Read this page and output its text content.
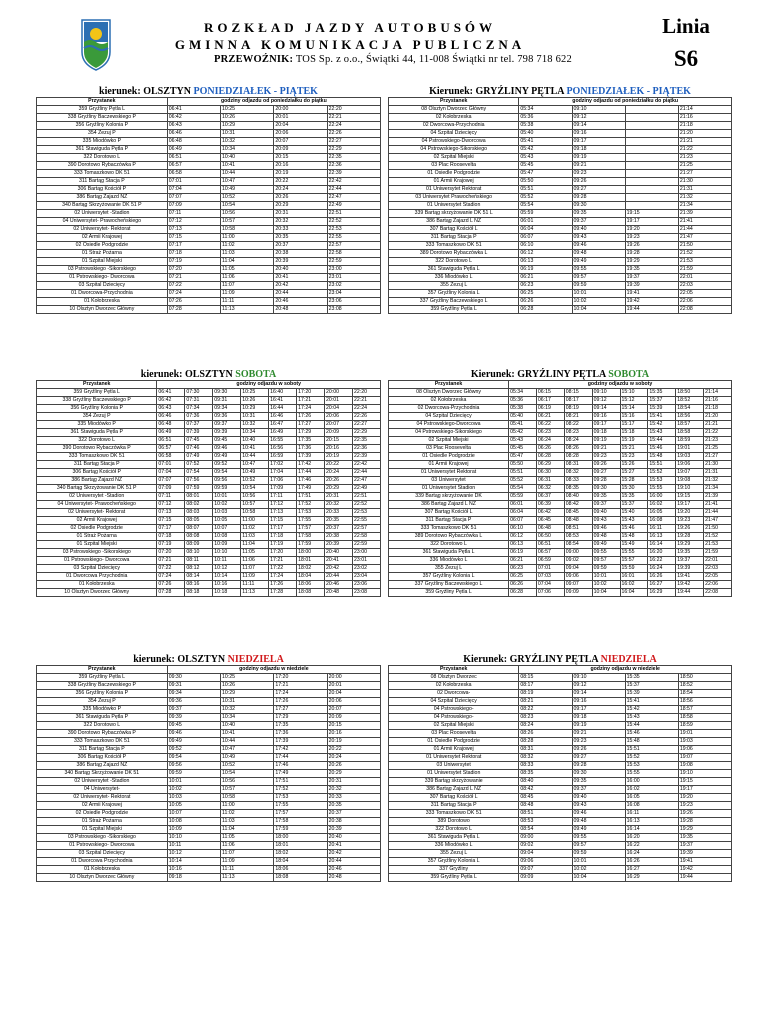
ROZKŁAD JAZDY AUTOBUSÓW
GMINNA KOMUNIKACJA PUBLICZNA
PRZEWOŹNIK: TOS Sp. z o.o., Świątki 44, 11-008 Świątki nr tel. 798 718 622
Linia
S6
kierunek: OLSZTYN PONIEDZIAŁEK - PIĄTEK
Przystanek	godziny odjazdu od poniedziałku do piątku			
359 Gryźliny Pętla L	06:41	10:25	20:00	22:20
338 Gryźliny Baczewskiego P	06:42	10:26	20:01	22:21
356 Gryźliny Kolonia P	06:43	10:29	20:04	22:24
354 Zezuj P	06:46	10:31	20:06	22:26
335 Miodówko P	06:48	10:32	20:07	22:27
361 Stawiguda Pętla P	06:49	10:34	20:09	22:29
322 Dorotowo L	06:51	10:40	20:15	22:35
390 Dorotowo Rybaczówka P	06:57	10:41	20:16	22:36
333 Tomaszkowo DK 51	06:58	10:44	20:19	22:39
311 Bartąg Stacja P	07:01	10:47	20:22	22:42
306 Bartąg Kościół P	07:04	10:49	20:24	22:44
386 Bartąg Zajazd NŻ	07:07	10:52	20:26	22:47
340 Bartąg Skrzyżowanie DK 51 P	07:09	10:54	20:29	22:49
02 Uniwersytet -Stadion	07:11	10:56	20:31	22:51
04 Uniwersytet- Prawocheńskiego	07:12	10:57	20:32	22:52
02 Uniwersytet- Rektorat	07:13	10:58	20:33	22:53
02 Armii Krajowej	07:15	11:00	20:35	22:55
02 Osiedle Podgrodzie	07:17	11:02	20:37	22:57
01 Straż Pożarna	07:18	11:03	20:38	22:58
01 Szpital Miejski	07:19	11:04	20:39	22:59
03 Pstrowskiego -Sikorskiego	07:20	11:05	20:40	23:00
01 Pstrowskiego- Dworcowa	07:21	11:06	20:41	23:01
03 Szpital Dziecięcy	07:22	11:07	20:42	23:02
01 Dworcowa-Przychodnia	07:24	11:09	20:44	23:04
01 Kołobrzeska	07:26	11:11	20:46	23:06
10 Olsztyn Dworzec Główny	07:28	11:13	20:48	23:08
Kierunek: GRYŹLINY PĘTLA PONIEDZIAŁEK - PIĄTEK
Przystanek	godziny odjazdu od poniedziałku do piątku			
08 Olsztyn Dworzec Główny	05:34	09:10		21:14
02 Kołobrzeska	05:36	09:12		21:16
02 Dworcowa-Przychodnia	05:38	09:14		21:18
04 Szpital Dziecięcy	05:40	09:16		21:20
04 Pstrowskiego-Dworcowa	05:41	09:17		21:21
04 Pstrowskiego-Sikorskiego	05:42	09:18		21:22
02 Szpital Miejski	05:43	09:19		21:23
03 Plac Roosevelta	05:45	09:21		21:25
01 Osiedle Podgrodzie	05:47	09:23		21:27
01 Armii Krajowej	05:50	09:26		21:30
01 Uniwersytet Rektorat	05:51	09:27		21:31
03 Uniwersytet Prawocheńskiego	05:52	09:28		21:32
01 Uniwersytet Stadion	05:54	09:30		21:34
339 Bartąg skrzyżowanie DK 51 L	05:59	09:35	19:15	21:39
386 Bartąg Zajazd L NŻ	06:01	09:37	19:17	21:41
307 Bartąg Kościół L	06:04	09:40	19:20	21:44
311 Bartąg Stacja P	06:07	09:43	19:23	21:47
333 Tomaszkowo DK 51	06:10	09:46	19:26	21:50
389 Dorotowo Rybaczówka L	06:12	09:48	19:28	21:52
322 Dorotowo L	06:13	09:49	19:29	21:53
361 Stawiguda Pętla L	06:19	09:55	19:35	21:59
336 Miodówko L	06:21	09:57	19:37	22:01
355 Zezuj L	06:23	09:59	19:39	22:03
357 Gryźliny Kolonia L	06:25	10:01	19:41	22:05
337 Gryźliny Baczewskiego L	06:26	10:02	19:42	22:06
359 Gryźliny Pętla L	06:28	10:04	19:44	22:08
kierunek: OLSZTYN SOBOTA
Przystanek	godziny odjazdu w soboty							
359 Gryźliny Pętla L	06:41	07:30	09:30	10:25	16:40	17:20	20:00	22:20
338 Gryźliny Baczewskiego P	06:42	07:31	09:31	10:26	16:41	17:21	20:01	22:21
356 Gryźliny Kolonia P	06:43	07:34	09:34	10:29	16:44	17:24	20:04	22:24
354 Zezuj P	06:46	07:36	09:36	10:31	16:46	17:26	20:06	22:26
335 Miodówko P	06:48	07:37	09:37	10:32	16:47	17:27	20:07	22:27
361 Stawiguda Pętla P	06:49	07:39	09:39	10:34	16:49	17:29	20:09	22:29
322 Dorotowo L	06:51	07:45	09:45	10:40	16:55	17:35	20:15	22:35
390 Dorotowo Rybaczówka P	06:57	07:46	09:46	10:41	16:56	17:36	20:16	22:36
333 Tomaszkowo DK 51	06:58	07:49	09:49	10:44	16:59	17:39	20:19	22:39
311 Bartąg Stacja P	07:01	07:52	09:52	10:47	17:02	17:42	20:22	22:42
306 Bartąg Kościół P	07:04	07:54	09:54	10:49	17:04	17:44	20:24	22:44
386 Bartąg Zajazd NŻ	07:07	07:56	09:56	10:52	17:06	17:46	20:26	22:47
340 Bartąg Skrzyżowanie DK 51 P	07:09	07:59	09:59	10:54	17:09	17:49	20:29	22:49
02 Uniwersytet -Stadion	07:11	08:01	10:01	10:56	17:11	17:51	20:31	22:51
04 Uniwersytet- Prawocheńskiego	07:12	08:02	10:02	10:57	17:12	17:52	20:32	22:52
02 Uniwersytet- Rektorat	07:13	08:03	10:03	10:58	17:13	17:53	20:33	22:53
02 Armii Krajowej	07:15	08:05	10:05	11:00	17:15	17:55	20:35	22:55
02 Osiedle Podgrodzie	07:17	08:07	10:07	11:02	17:17	17:57	20:37	22:57
01 Straż Pożarna	07:18	08:08	10:08	11:03	17:18	17:58	20:38	22:58
01 Szpital Miejski	07:19	08:09	10:09	11:04	17:19	17:59	20:39	22:59
03 Pstrowskiego -Sikorskiego	07:20	08:10	10:10	11:05	17:20	18:00	20:40	23:00
01 Pstrowskiego- Dworcowa	07:21	08:11	10:11	11:06	17:21	18:01	20:41	23:01
03 Szpital Dziecięcy	07:22	08:12	10:12	11:07	17:22	18:02	20:42	23:02
01 Dworcowa Przychodnia	07:24	08:14	10:14	11:09	17:24	18:04	20:44	23:04
01 Kołobrzeska	07:26	08:16	10:16	11:11	17:26	18:06	20:46	23:06
10 Olsztyn Dworzec Główny	07:28	08:18	10:18	11:13	17:28	18:08	20:48	23:08
Kierunek: GRYŹLINY PĘTLA SOBOTA
Przystanek	godziny odjazdu w soboty							
08 Olsztyn Dworzec Główny	05:34	06:15	08:15	09:10	15:10	15:35	18:50	21:14
02 Kołobrzeska	05:36	06:17	08:17	09:12	15:12	15:37	18:52	21:16
02 Dworcowa-Przychodnia	05:38	06:19	08:19	09:14	15:14	15:39	18:54	21:18
04 Szpital Dziecięcy	05:40	06:21	08:21	09:16	15:16	15:41	18:56	21:20
04 Pstrowskiego-Dworcowa	05:41	06:22	08:22	09:17	15:17	15:42	18:57	21:21
04 Pstrowskiego-Sikorskiego	05:42	06:23	08:23	09:18	15:18	15:43	18:58	21:22
02 Szpital Miejski	05:43	06:24	08:24	09:19	15:19	15:44	18:59	21:23
03 Plac Roosevelta	05:45	06:26	08:26	09:21	15:21	15:46	19:01	21:25
01 Osiedle Podgrodzie	05:47	06:28	08:28	09:23	15:23	15:48	19:03	21:27
01 Armii Krajowej	05:50	06:29	08:31	09:26	15:26	15:51	19:06	21:30
01 Uniwersytet Rektorat	05:51	06:30	08:32	09:27	15:27	15:52	19:07	21:31
03 Uniwersytet	05:52	06:31	08:33	09:28	15:28	15:53	19:08	21:32
01 Uniwersytet Stadion	05:54	06:32	08:35	09:30	15:30	15:55	19:10	21:34
339 Bartąg skrzyżowanie DK	05:59	06:37	08:40	09:35	15:35	16:00	19:15	21:39
386 Bartąg Zajazd L NŻ	06:01	06:39	08:42	09:37	15:37	16:02	19:17	21:41
307 Bartąg Kościół L	06:04	06:42	08:45	09:40	15:40	16:05	19:20	21:44
311 Bartąg Stacja P	06:07	06:45	08:48	09:43	15:43	16:08	19:23	21:47
333 Tomaszkowo DK 51	06:10	06:48	08:51	09:46	15:46	16:11	19:26	21:50
389 Dorotowo Rybaczówka L	06:12	06:50	08:53	09:48	15:48	16:13	19:28	21:52
322 Dorotowo L	06:13	06:51	08:54	09:49	15:49	16:14	19:29	21:53
361 Stawiguda Pętla L	06:19	06:57	09:00	09:55	15:55	16:20	19:35	21:59
336 Miodówko L	06:21	06:59	09:02	09:57	15:57	16:22	19:37	22:01
355 Zezuj L	06:23	07:01	09:04	09:59	15:59	16:24	19:39	22:03
357 Gryźliny Kolonia L	06:25	07:03	09:06	10:01	16:01	16:26	19:41	22:05
337 Gryźliny Baczewskiego L	06:26	07:04	09:07	10:02	16:02	16:27	19:42	22:06
359 Gryźliny Pętla L	06:28	07:06	09:09	10:04	16:04	16:29	19:44	22:08
kierunek: OLSZTYN NIEDZIELA
Przystanek	godziny odjazdu w niedziele			
359 Gryźliny Pętla L	09:30	10:25	17:20	20:00
338 Gryźliny Baczewskiego P	09:31	10:26	17:21	20:01
356 Gryźliny Kolonia P	09:34	10:29	17:24	20:04
354 Zezuj P	09:36	10:31	17:26	20:06
335 Miodówko P	09:37	10:32	17:27	20:07
361 Stawiguda Pętla P	09:39	10:34	17:29	20:09
322 Dorotowo L	09:45	10:40	17:35	20:15
390 Dorotowo Rybaczówka P	09:46	10:41	17:36	20:16
333 Tomaszkowo DK 51	09:49	10:44	17:39	20:19
311 Bartąg Stacja P	09:52	10:47	17:42	20:22
306 Bartąg Kościół P	09:54	10:49	17:44	20:24
386 Bartąg Zajazd NŻ	09:56	10:52	17:46	20:26
340 Bartąg Skrzyżowanie DK 51	09:59	10:54	17:49	20:29
02 Uniwersytet -Stadion	10:01	10:56	17:51	20:31
04 Uniwersytet-	10:02	10:57	17:52	20:32
02 Uniwersytet- Rektorat	10:03	10:58	17:53	20:33
02 Armii Krajowej	10:05	11:00	17:55	20:35
02 Osiedle Podgrodzie	10:07	11:02	17:57	20:37
01 Straż Pożarna	10:08	11:03	17:58	20:38
01 Szpital Miejski	10:09	11:04	17:59	20:39
03 Pstrowskiego -Sikorskiego	10:10	11:05	18:00	20:40
01 Pstrowskiego- Dworcowa	10:11	11:06	18:01	20:41
03 Szpital Dziecięcy	10:12	11:07	18:02	20:42
01 Dworcowa Przychodnia	10:14	11:09	18:04	20:44
01 Kołobrzeska	10:16	11:11	18:06	20:46
10 Olsztyn Dworzec Główny	09:18	11:13	18:08	20:48
Kierunek: GRYŹLINY PĘTLA NIEDZIELA
Przystanek	godziny odjazdu w niedziele			
08 Olsztyn Dworzec	08:15	09:10	15:35	18:50
02 Kołobrzeska	08:17	09:12	15:37	18:52
02 Dworcowa-	08:19	09:14	15:39	18:54
04 Szpital Dziecięcy	08:21	09:16	15:41	18:56
04 Pstrowskiego-	08:22	09:17	15:42	18:57
04 Pstrowskiego-	08:23	09:18	15:43	18:58
02 Szpital Miejski	08:24	09:19	15:44	18:59
03 Plac Roosevelta	08:26	09:21	15:46	19:01
01 Osiedle Podgrodzie	08:28	09:23	15:48	19:03
01 Armii Krajowej	08:31	09:26	15:51	19:06
01 Uniwersytet Rektorat	08:32	09:27	15:52	19:07
03 Uniwersytet	08:33	09:28	15:53	19:08
01 Uniwersytet Stadion	08:35	09:30	15:55	19:10
339 Bartąg skrzyżowanie	08:40	09:35	16:00	19:15
386 Bartąg Zajazd L NŻ	08:42	09:37	16:02	19:17
307 Bartąg Kościół L	08:45	09:40	16:05	19:20
311 Bartąg Stacja P	08:48	09:43	16:08	19:23
333 Tomaszkowo DK 51	08:51	09:46	16:11	19:26
389 Dorotowo	08:53	09:48	16:13	19:28
322 Dorotowo L	08:54	09:49	16:14	19:29
361 Stawiguda Pętla L	09:00	09:55	16:20	19:35
336 Miodówko L	09:02	09:57	16:22	19:37
355 Zezuj L	09:04	09:59	16:24	19:39
357 Gryźliny Kolonia L	09:06	10:01	16:26	19:41
337 Gryźliny	09:07	10:02	16:27	19:42
359 Gryźliny Pętla L	09:09	10:04	16:29	19:44
